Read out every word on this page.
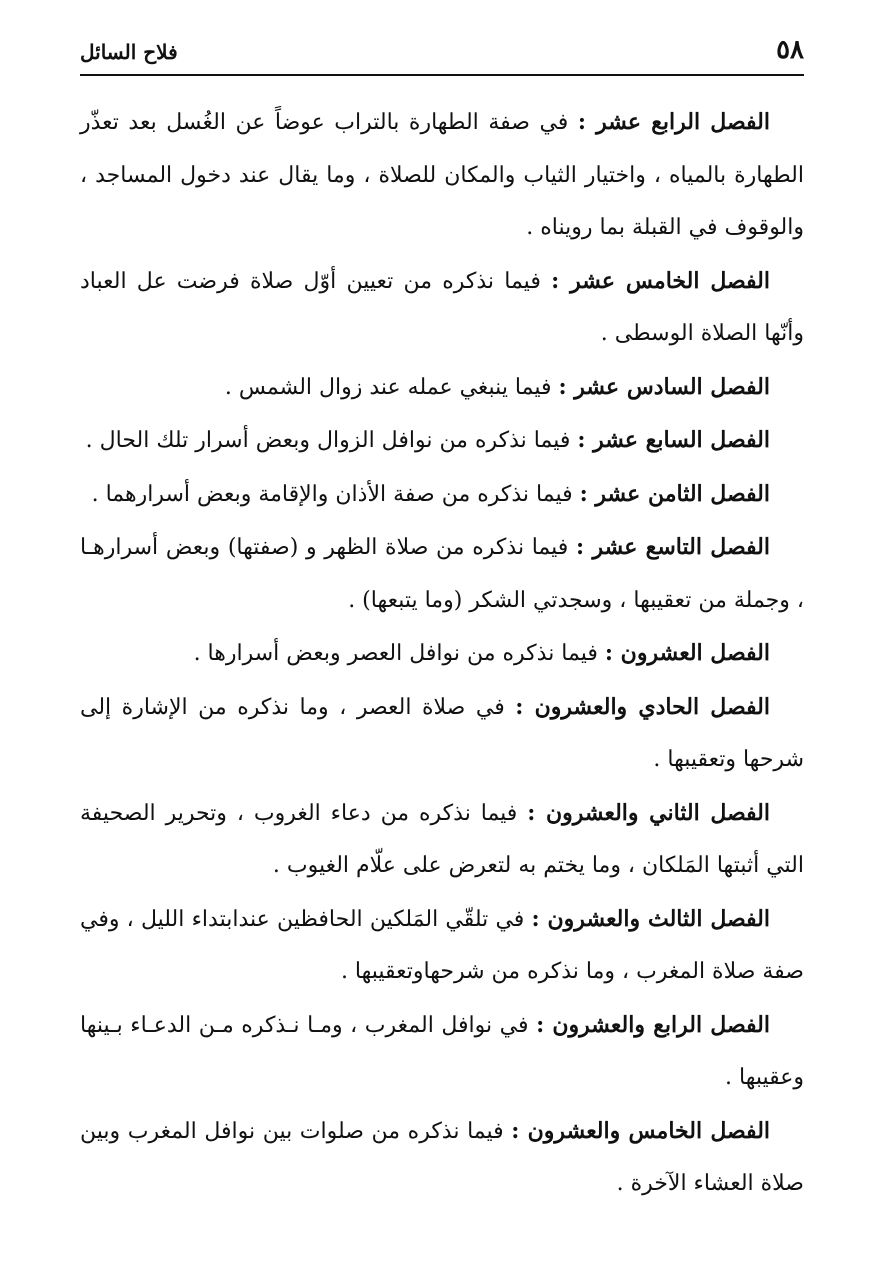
٥٨
فلاح السائل

الفصل الرابع عشر : في صفة الطهارة بالتراب عوضاً عن الغُسل بعد تعذّر الطهارة بالمياه ، واختيار الثياب والمكان للصلاة ، وما يقال عند دخول المساجد ، والوقوف في القبلة بما رويناه .

الفصل الخامس عشر : فيما نذكره من تعيين أوّل صلاة فرضت عل العباد وأنّها الصلاة الوسطى .

الفصل السادس عشر : فيما ينبغي عمله عند زوال الشمس .

الفصل السابع عشر : فيما نذكره من نوافل الزوال وبعض أسرار تلك الحال .

الفصل الثامن عشر : فيما نذكره من صفة الأذان والإقامة وبعض أسرارهما .

الفصل التاسع عشر : فيما نذكره من صلاة الظهر و (صفتها) وبعض أسرارهـا ، وجملة من تعقيبها ، وسجدتي الشكر (وما يتبعها) .

الفصل العشرون : فيما نذكره من نوافل العصر وبعض أسرارها .

الفصل الحادي والعشرون : في صلاة العصر ، وما نذكره من الإشارة إلى شرحها وتعقيبها .

الفصل الثاني والعشرون : فيما نذكره من دعاء الغروب ، وتحرير الصحيفة التي أثبتها المَلكان ، وما يختم به لتعرض على علّام الغيوب .

الفصل الثالث والعشرون : في تلقّي المَلكين الحافظين عندابتداء الليل ، وفي صفة صلاة المغرب ، وما نذكره من شرحهاوتعقيبها .

الفصل الرابع والعشرون : في نوافل المغرب ، ومـا نـذكره مـن الدعـاء بـينها وعقيبها .

الفصل الخامس والعشرون : فيما نذكره من صلوات بين نوافل المغرب وبين صلاة العشاء الآخرة .
